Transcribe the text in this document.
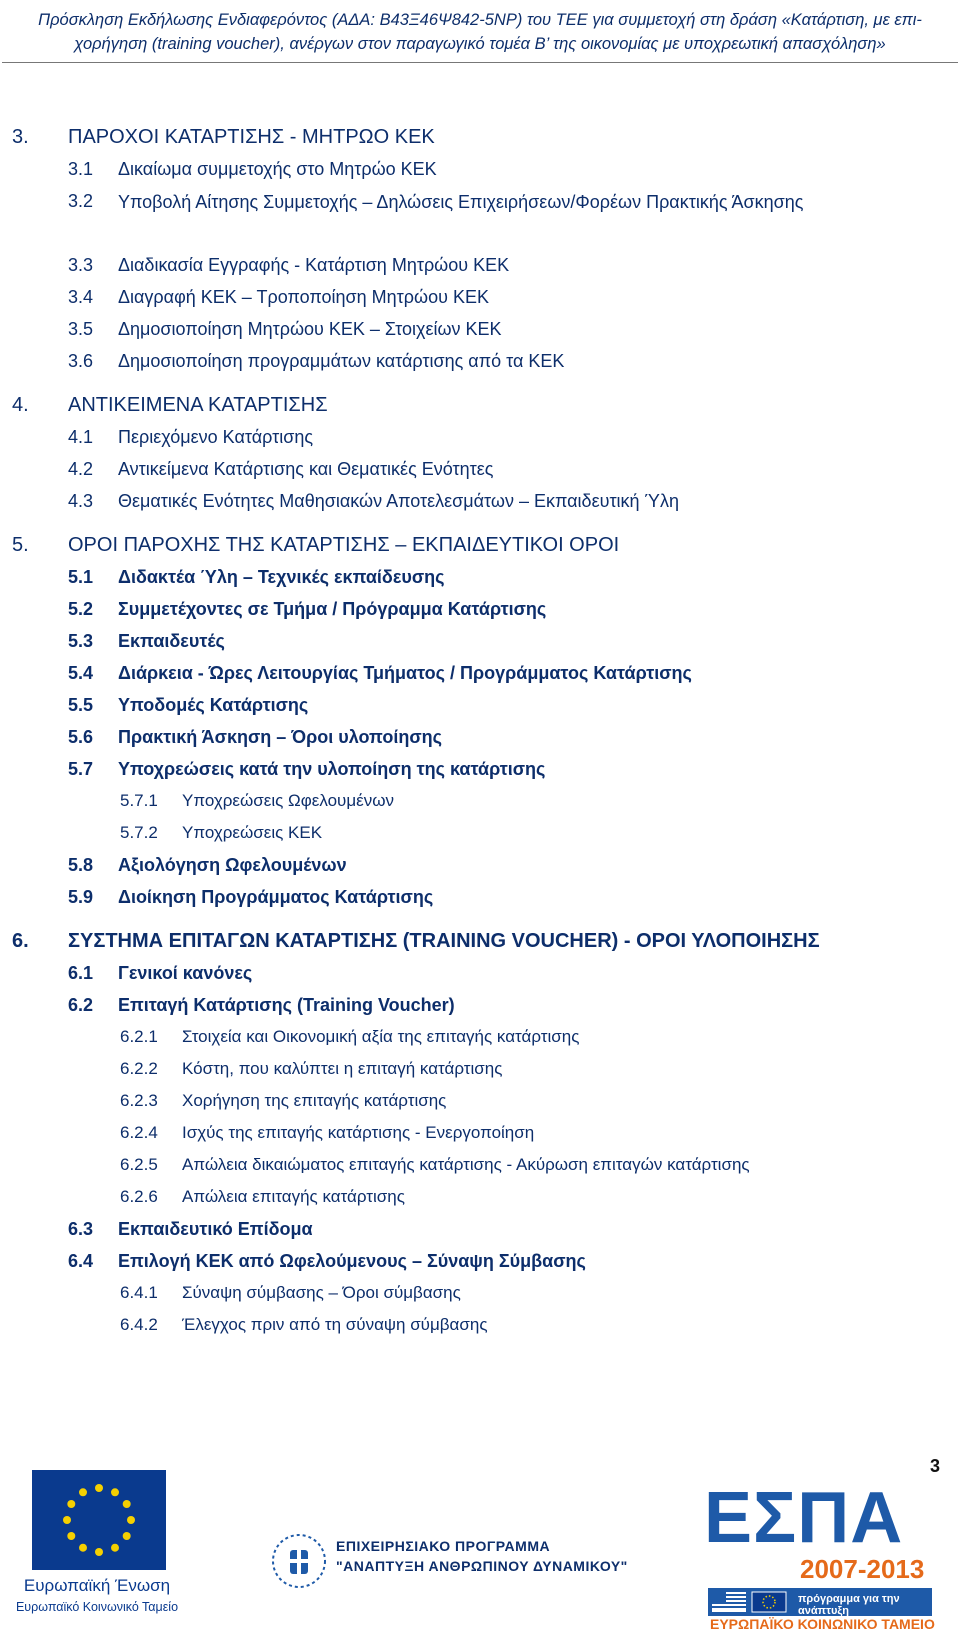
Πρόσκληση Εκδήλωσης Ενδιαφερόντος (ΑΔΑ: Β43Ξ46Ψ842-5ΝΡ) του ΤΕΕ για συμμετοχή στη δράση «Κατάρτιση, με επι-
χορήγηση (training voucher), ανέργων στον παραγωγικό τομέα Β’ της οικονομίας με υποχρεωτική απασχόληση»
3. ΠΑΡΟΧΟΙ ΚΑΤΑΡΤΙΣΗΣ - ΜΗΤΡΩΟ ΚΕΚ
3.1 Δικαίωμα συμμετοχής στο Μητρώο ΚΕΚ
3.2 Υποβολή Αίτησης Συμμετοχής – Δηλώσεις Επιχειρήσεων/Φορέων Πρακτικής Άσκησης
3.3 Διαδικασία Εγγραφής - Κατάρτιση Μητρώου ΚΕΚ
3.4 Διαγραφή ΚΕΚ – Τροποποίηση Μητρώου ΚΕΚ
3.5 Δημοσιοποίηση Μητρώου ΚΕΚ – Στοιχείων ΚΕΚ
3.6 Δημοσιοποίηση προγραμμάτων κατάρτισης από τα ΚΕΚ
4. ΑΝΤΙΚΕΙΜΕΝΑ ΚΑΤΑΡΤΙΣΗΣ
4.1 Περιεχόμενο Κατάρτισης
4.2 Αντικείμενα Κατάρτισης και Θεματικές Ενότητες
4.3 Θεματικές Ενότητες Μαθησιακών Αποτελεσμάτων – Εκπαιδευτική Ύλη
5. ΟΡΟΙ ΠΑΡΟΧΗΣ ΤΗΣ ΚΑΤΑΡΤΙΣΗΣ – ΕΚΠΑΙΔΕΥΤΙΚΟΙ ΟΡΟΙ
5.1 Διδακτέα Ύλη – Τεχνικές εκπαίδευσης
5.2 Συμμετέχοντες σε Τμήμα / Πρόγραμμα Κατάρτισης
5.3 Εκπαιδευτές
5.4 Διάρκεια - Ώρες Λειτουργίας Τμήματος / Προγράμματος Κατάρτισης
5.5 Υποδομές Κατάρτισης
5.6 Πρακτική Άσκηση – Όροι υλοποίησης
5.7 Υποχρεώσεις κατά την υλοποίηση της κατάρτισης
5.7.1 Υποχρεώσεις Ωφελουμένων
5.7.2 Υποχρεώσεις ΚΕΚ
5.8 Αξιολόγηση Ωφελουμένων
5.9 Διοίκηση Προγράμματος Κατάρτισης
6. ΣΥΣΤΗΜΑ ΕΠΙΤΑΓΩΝ ΚΑΤΑΡΤΙΣΗΣ (TRAINING VOUCHER) - ΟΡΟΙ ΥΛΟΠΟΙΗΣΗΣ
6.1 Γενικοί κανόνες
6.2 Επιταγή Κατάρτισης (Training Voucher)
6.2.1 Στοιχεία και Οικονομική αξία της επιταγής κατάρτισης
6.2.2 Κόστη, που καλύπτει η επιταγή κατάρτισης
6.2.3 Χορήγηση της επιταγής κατάρτισης
6.2.4 Ισχύς της επιταγής κατάρτισης - Ενεργοποίηση
6.2.5 Απώλεια δικαιώματος επιταγής κατάρτισης - Ακύρωση επιταγών κατάρτισης
6.2.6 Απώλεια επιταγής κατάρτισης
6.3 Εκπαιδευτικό Επίδομα
6.4 Επιλογή ΚΕΚ από Ωφελούμενους – Σύναψη Σύμβασης
6.4.1 Σύναψη σύμβασης – Όροι σύμβασης
6.4.2 Έλεγχος πριν από τη σύναψη σύμβασης
3
Ευρωπαϊκή Ένωση
Ευρωπαϊκό Κοινωνικό Ταμείο
ΕΠΙΧΕΙΡΗΣΙΑΚΟ ΠΡΟΓΡΑΜΜΑ
"ΑΝΑΠΤΥΞΗ ΑΝΘΡΩΠΙΝΟΥ ΔΥΝΑΜΙΚΟΥ"
ΕΣΠΑ
2007-2013
πρόγραμμα για την ανάπτυξη
ΕΥΡΩΠΑΪΚΟ ΚΟΙΝΩΝΙΚΟ ΤΑΜΕΙΟ
